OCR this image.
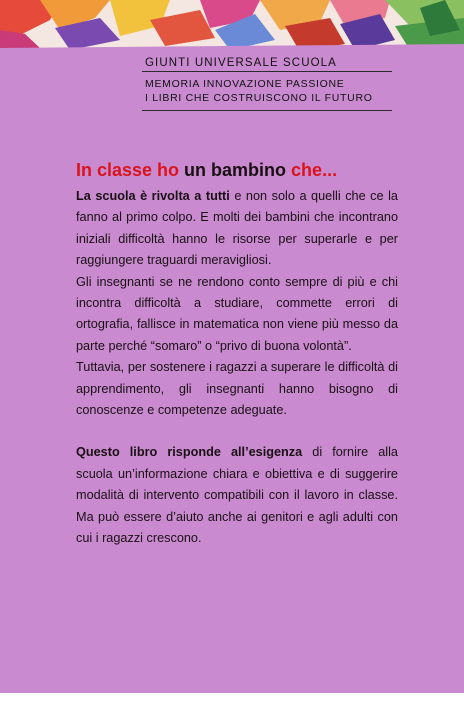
GIUNTI UNIVERSALE SCUOLA
MEMORIA INNOVAZIONE PASSIONE
I LIBRI CHE COSTRUISCONO IL FUTURO
In classe ho un bambino che...

La scuola è rivolta a tutti e non solo a quelli che ce la fanno al primo colpo. E molti dei bambini che incontrano iniziali difficoltà hanno le risorse per superarle e per raggiungere traguardi meravigliosi.

Gli insegnanti se ne rendono conto sempre di più e chi incontra difficoltà a studiare, commette errori di ortografia, fallisce in matematica non viene più messo da parte perché “somaro” o “privo di buona volontà”.

Tuttavia, per sostenere i ragazzi a superare le difficoltà di apprendimento, gli insegnanti hanno bisogno di conoscenze e competenze adeguate.

Questo libro risponde all’esigenza di fornire alla scuola un’informazione chiara e obiettiva e di suggerire modalità di intervento compatibili con il lavoro in classe. Ma può essere d’aiuto anche ai genitori e agli adulti con cui i ragazzi crescono.
